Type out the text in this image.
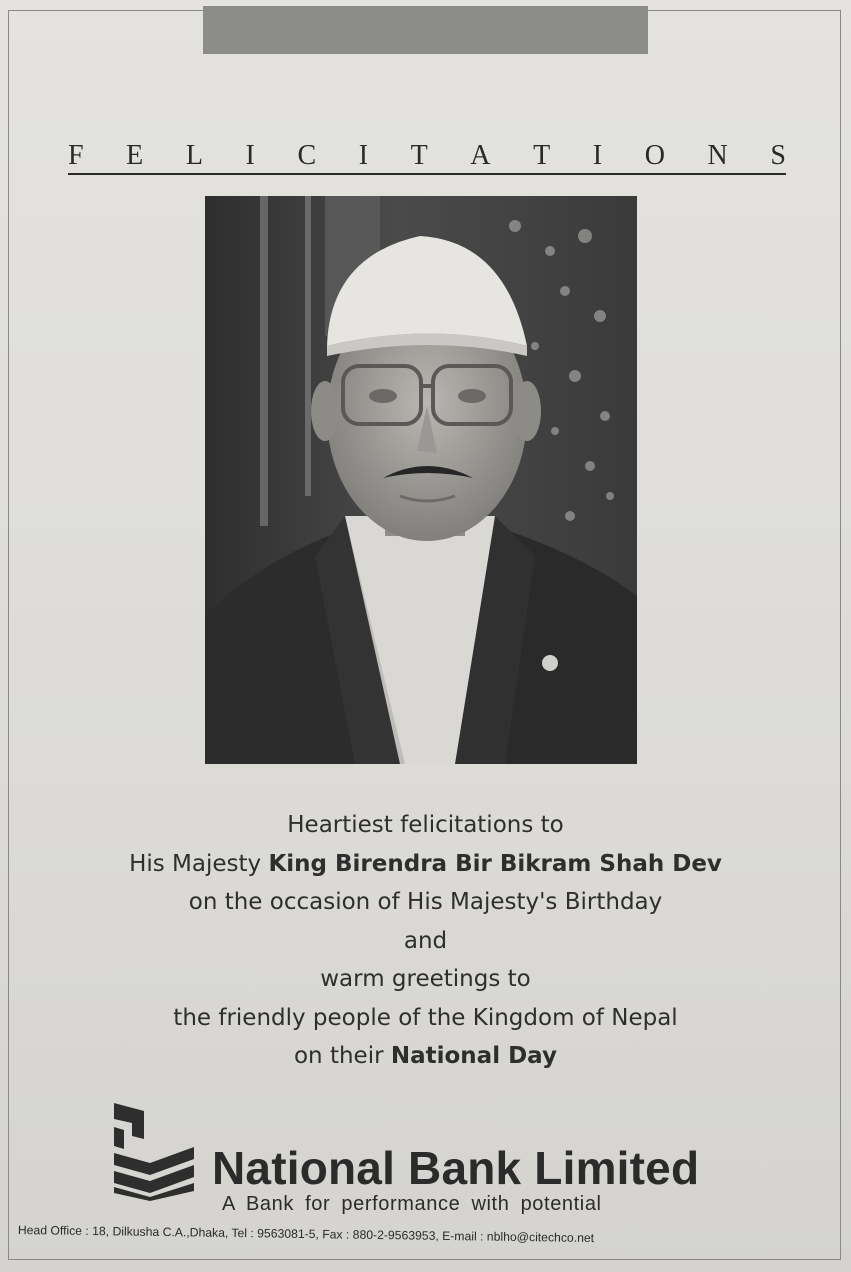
F E L I C I T A T I O N S
Heartiest felicitations to
His Majesty King Birendra Bir Bikram Shah Dev
on the occasion of His Majesty's Birthday
and
warm greetings to
the friendly people of the Kingdom of Nepal
on their National Day
National Bank Limited
A Bank for performance with potential
Head Office : 18, Dilkusha C.A.,Dhaka, Tel : 9563081-5, Fax : 880-2-9563953, E-mail : nblho@citechco.net
